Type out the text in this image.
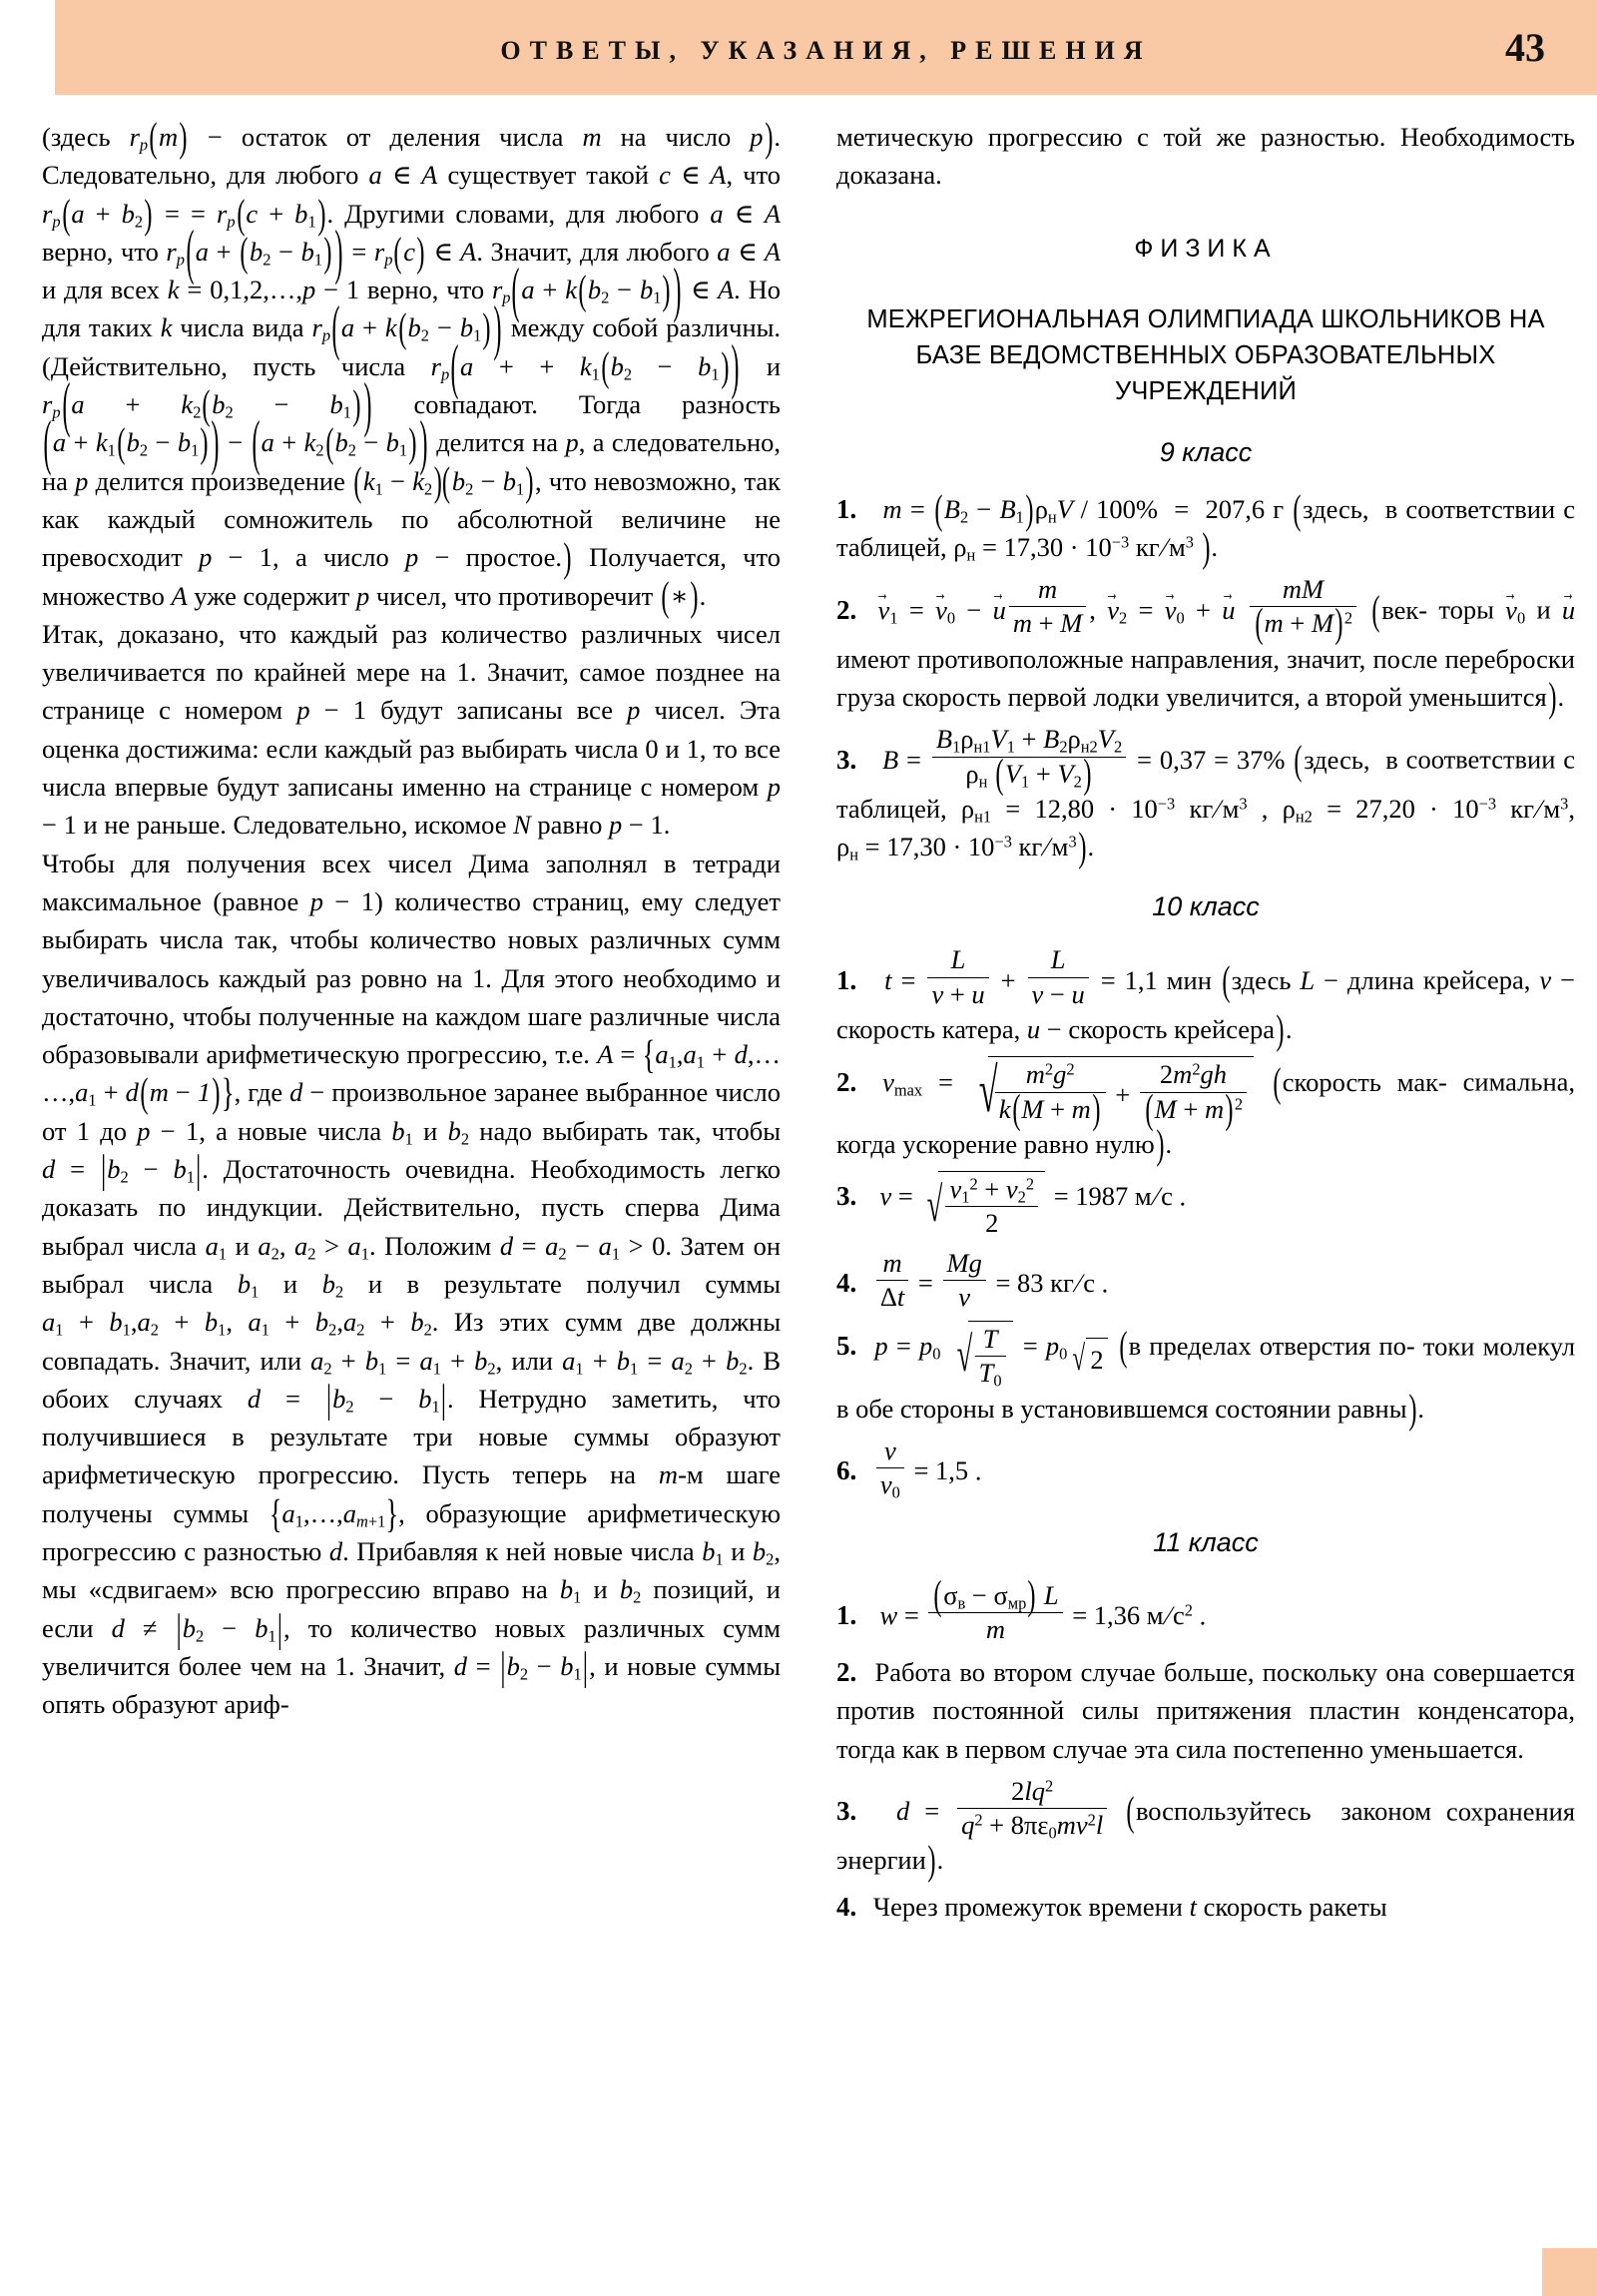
ОТВЕТЫ, УКАЗАНИЯ, РЕШЕНИЯ	43

(здесь $r_p(m)$ − остаток от деления числа m на число p). Следовательно, для любого a ∈ A существует такой c ∈ A, что $r_p(a + b_2)$ = = $r_p(c + b_1)$. Другими словами, для любого a ∈ A верно, что $r_p(a + (b_2 - b_1)$ ) = $r_p(c)$ ∈ A. Значит, для любого a ∈ A и для всех k = 0,1,2,…,p − 1 верно, что $r_p(a + k(b_2 - b_1)$ ) ∈ A. Но для таких k числа вида $r_p(a + k(b_2 - b_1)$ ) между собой различны. (Действительно, пусть числа $r_p(a$ + + $k_1(b_2 - b_1)$ ) и $r_p(a + k_2(b_2 - b_1)$ ) совпадают. Тогда разность ($a + k_1(b_2 - b_1)$ ) − ($a + k_2(b_2 - b_1)$ ) делится на p, а следовательно, на p делится произведение $(k_1 - k_2)(b_2 - b_1)$, что невозможно, так как каждый сомножитель по абсолютной величине не превосходит p − 1, а число p − простое.) Получается, что множество A уже содержит p чисел, что противоречит (∗).

Итак, доказано, что каждый раз количество различных чисел увеличивается по крайней мере на 1. Значит, самое позднее на странице с номером p − 1 будут записаны все p чисел. Эта оценка достижима: если каждый раз выбирать числа 0 и 1, то все числа впервые будут записаны именно на странице с номером p − 1 и не раньше. Следовательно, искомое N равно p − 1.

Чтобы для получения всех чисел Дима заполнял в тетради максимальное (равное p − 1) количество страниц, ему следует выбирать числа так, чтобы количество новых различных сумм увеличивалось каждый раз ровно на 1. Для этого необходимо и достаточно, чтобы полученные на каждом шаге различные числа образовывали арифметическую прогрессию, т.е. $A = \{a_1,a_1$ + d,… $\dots,a_1 + d(m - 1)$}, где d − произвольное заранее выбранное число от 1 до p − 1, а новые числа $b_1$ и $b_2$ надо выбирать так, чтобы $d = |b_2 - b_1|$. Достаточность очевидна. Необходимость легко доказать по индукции. Действительно, пусть сперва Дима выбрал числа $a_1$ и $a_2$, $a_2 > a_1$. Положим $d = a_2 - a_1 > 0$. Затем он выбрал числа $b_1$ и $b_2$ и в результате получил суммы $a_1 + b_1,a_2 + b_1$, $a_1 + b_2,a_2 + b_2$. Из этих сумм две должны совпадать. Значит, или $a_2 + b_1 = a_1 + b_2$, или $a_1 + b_1 = a_2 + b_2$. В обоих случаях $d = |b_2 - b_1|$. Нетрудно заметить, что получившиеся в результате три новые суммы образуют арифметическую прогрессию. Пусть теперь на m-м шаге получены суммы $\{a_1,\dots,a_{m+1}\}$, образующие арифметическую прогрессию с разностью d. Прибавляя к ней новые числа $b_1$ и $b_2$, мы «сдвигаем» всю прогрессию вправо на $b_1$ и $b_2$ позиций, и если $d \ne |b_2 - b_1|$, то количество новых различных сумм увеличится более чем на 1. Значит, $d = |b_2 - b_1|$, и новые суммы опять образуют ариф-

метическую прогрессию с той же разностью. Необходимость доказана.

ФИЗИКА
МЕЖРЕГИОНАЛЬНАЯ ОЛИМПИАДА ШКОЛЬНИКОВ НА БАЗЕ ВЕДОМСТВЕННЫХ ОБРАЗОВАТЕЛЬНЫХ УЧРЕЖДЕНИЙ
9 класс
1.  $m = (B_2 - B_1)\rho_нV / 100\% = 207,6$ г (здесь,  в соответствии с таблицей, $\rho_н = 17,30 \cdot 10^{-3}$ $кг/м^3$ ).
2. $v \to_1 = v \to_0 - u \to \frac{m}{m + M}$ , $v \to_2 = v \to_0 + u \to \frac{mM}{(m + M)^2} (век-$ торы $v \to_0$ и u → имеют противоположные направления, значит, после переброски груза скорость первой лодки увеличится, а второй уменьшится).
3.  $B = \frac{B_1\rho_{н1}V_1 + B_2\rho_{н2}V_2}{\rho_н (V_1 + V_2)} = 0,37 = 37\%$ (здесь,  в соответствии с таблицей, $\rho_{н1} = 12,80 \cdot 10^{-3}$ $кг/м^3$ , $\rho_{н2} = 27,20 \cdot 10^{-3}$ $кг/м^3$, $\rho_н = 17,30 \cdot 10^{-3}$ $кг/м^3$).
10 класс
1.  $t = \frac{L}{v + u} + \frac{L}{v - u} = 1,1$ мин (здесь L − длина крейсера, v − скорость катера, u − скорость крейсера).
2. $v_{max}$ = √
$\frac{m^2g^2}{k(M + m)} + \frac{2m^2gh}{(M + m)^2}$ (скорость мак- симальна, когда ускорение равно нулю).
3.  v = √ $\frac{v_1^2 + v_2^2}{2} = 1987$ м/с .
4. $\frac{m}{\Delta t} = \frac{Mg}{v} = 83$ кг/с .
5. $p = p_0$ √ $\frac{T}{T_0} = p_0$ √ 2 (в пределах отверстия по- токи молекул в обе стороны в установившемся состоянии равны).
6. $\frac{v}{v_0} = 1,5$ .
11 класс
1.  $w = \frac{(\sigma_в - \sigma_{мр}) L}{m} = 1,36$ $м/с^2$ .
2. Работа во втором случае больше, поскольку она совершается против постоянной силы притяжения пластин конденсатора, тогда как в первом случае эта сила постепенно уменьшается.
3.  $d = \frac{2lq^2}{q^2 + 8\pi\varepsilon_0mv^2l}$ (воспользуйтесь  законом сохранения энергии).
4. Через промежуток времени t скорость ракеты
